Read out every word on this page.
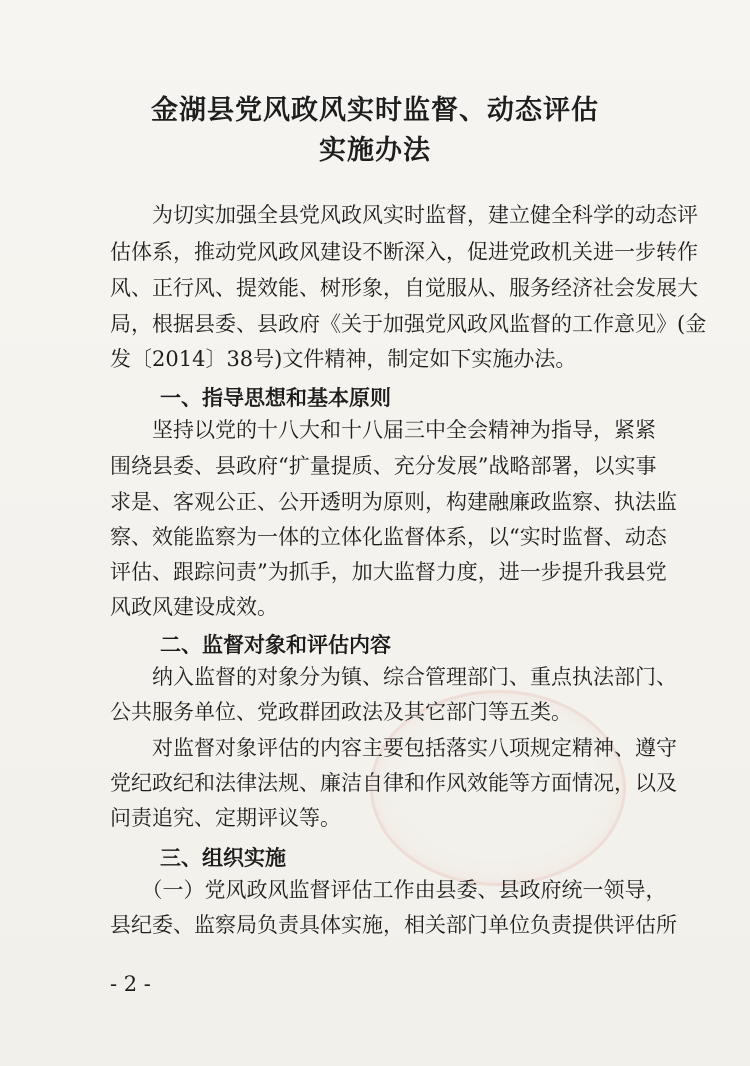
金湖县党风政风实时监督、动态评估
实施办法

　　为切实加强全县党风政风实时监督，建立健全科学的动态评

估体系，推动党风政风建设不断深入，促进党政机关进一步转作

风、正行风、提效能、树形象，自觉服从、服务经济社会发展大

局，根据县委、县政府《关于加强党风政风监督的工作意见》(金

发〔2014〕38号)文件精神，制定如下实施办法。

一、指导思想和基本原则

　　坚持以党的十八大和十八届三中全会精神为指导，紧紧

围绕县委、县政府“扩量提质、充分发展”战略部署，以实事

求是、客观公正、公开透明为原则，构建融廉政监察、执法监

察、效能监察为一体的立体化监督体系，以“实时监督、动态

评估、跟踪问责”为抓手，加大监督力度，进一步提升我县党

风政风建设成效。

二、监督对象和评估内容

　　纳入监督的对象分为镇、综合管理部门、重点执法部门、

公共服务单位、党政群团政法及其它部门等五类。

　　对监督对象评估的内容主要包括落实八项规定精神、遵守

党纪政纪和法律法规、廉洁自律和作风效能等方面情况，以及

问责追究、定期评议等。

三、组织实施

　　（一）党风政风监督评估工作由县委、县政府统一领导，

县纪委、监察局负责具体实施，相关部门单位负责提供评估所

- 2 -
